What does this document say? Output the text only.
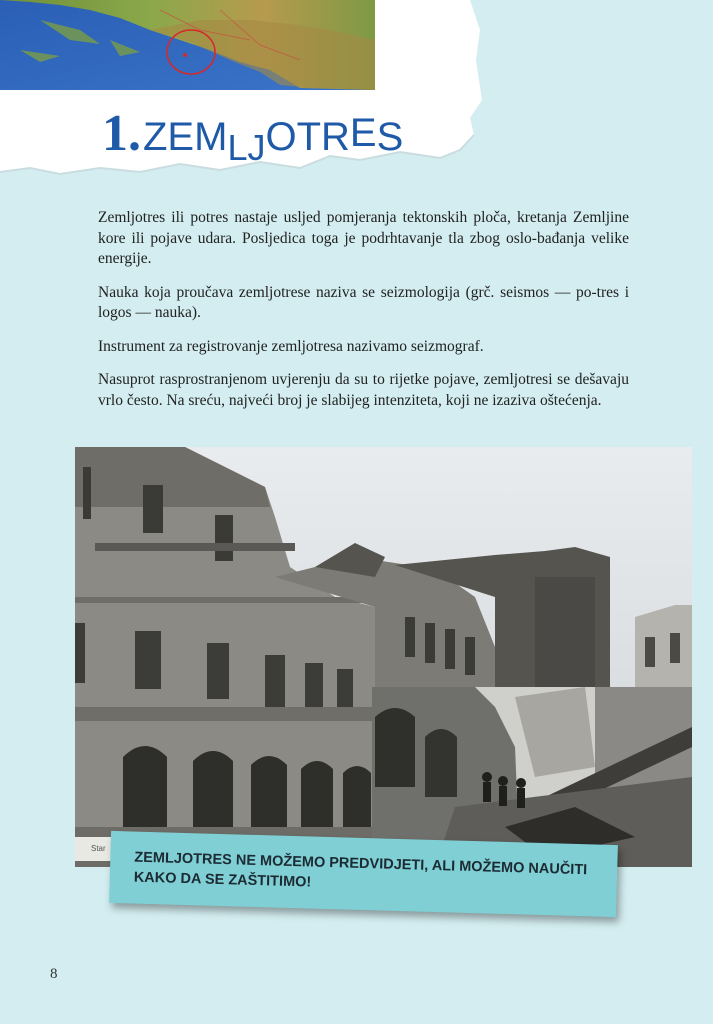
1.ZEMLJOTRES

Zemljotres ili potres nastaje usljed pomjeranja tektonskih ploča, kretanja Zemljine kore ili pojave udara. Posljedica toga je podrhtavanje tla zbog oslo-bađanja velike energije.

Nauka koja proučava zemljotrese naziva se seizmologija (grč. seismos — po-tres i logos — nauka).

Instrument za registrovanje zemljotresa nazivamo seizmograf.

Nasuprot rasprostranjenom uvjerenju da su to rijetke pojave, zemljotresi se dešavaju vrlo često. Na sreću, najveći broj je slabijeg intenziteta, koji ne izaziva oštećenja.

Star
ZEMLJOTRES NE MOŽEMO PREDVIDJETI, ALI MOŽEMO NAUČITI KAKO DA SE ZAŠTITIMO!
8
